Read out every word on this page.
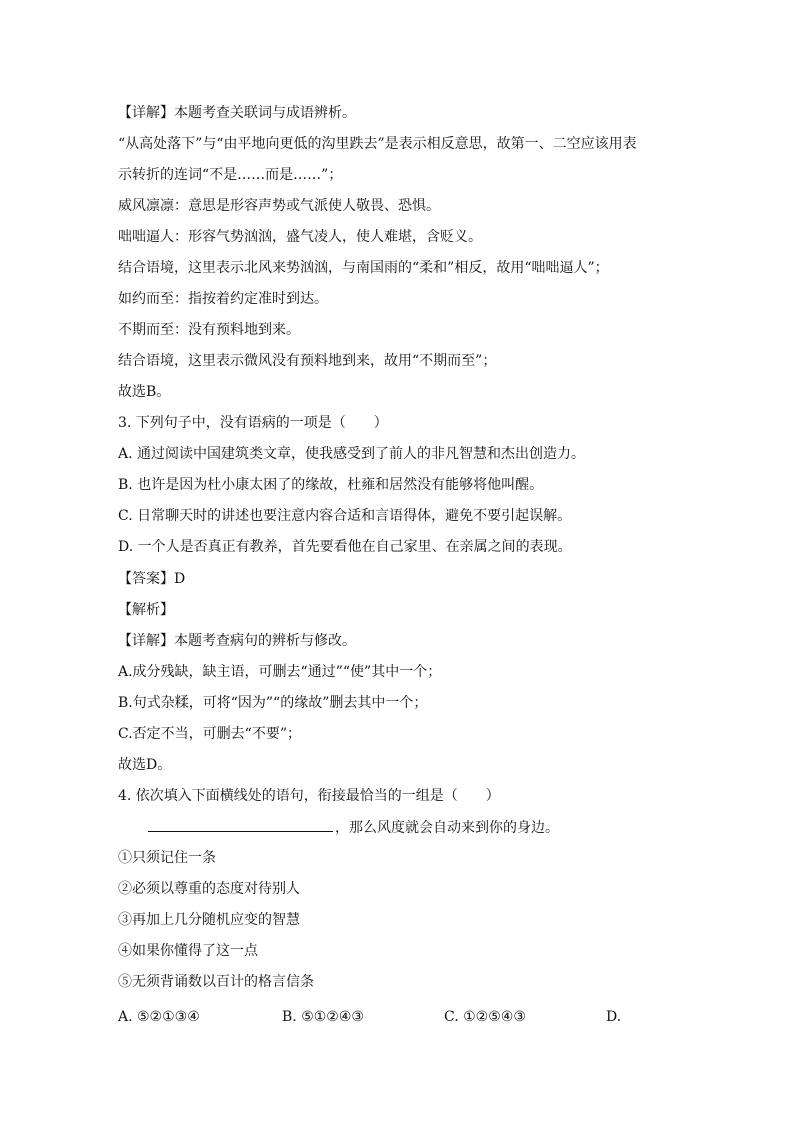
【详解】本题考查关联词与成语辨析。
“从高处落下”与“由平地向更低的沟里跌去”是表示相反意思，故第一、二空应该用表
示转折的连词“不是……而是……”；
威风凛凛：意思是形容声势或气派使人敬畏、恐惧。
咄咄逼人：形容气势汹汹，盛气凌人，使人难堪，含贬义。
结合语境，这里表示北风来势汹汹，与南国雨的“柔和”相反，故用“咄咄逼人”；
如约而至：指按着约定准时到达。
不期而至：没有预料地到来。
结合语境，这里表示微风没有预料地到来，故用“不期而至”；
故选B。
3. 下列句子中，没有语病的一项是（　　）
A. 通过阅读中国建筑类文章，使我感受到了前人的非凡智慧和杰出创造力。
B. 也许是因为杜小康太困了的缘故，杜雍和居然没有能够将他叫醒。
C. 日常聊天时的讲述也要注意内容合适和言语得体，避免不要引起误解。
D. 一个人是否真正有教养，首先要看他在自己家里、在亲属之间的表现。
【答案】D
【解析】
【详解】本题考查病句的辨析与修改。
A.成分残缺，缺主语，可删去“通过”“使”其中一个；
B.句式杂糅，可将“因为”“的缘故”删去其中一个；
C.否定不当，可删去“不要”；
故选D。
4. 依次填入下面横线处的语句，衔接最恰当的一组是（　　）
，那么风度就会自动来到你的身边。
①只须记住一条
②必须以尊重的态度对待别人
③再加上几分随机应变的智慧
④如果你懂得了这一点
⑤无须背诵数以百计的格言信条
A. ⑤②①③④	B. ⑤①②④③	C. ①②⑤④③	D.
